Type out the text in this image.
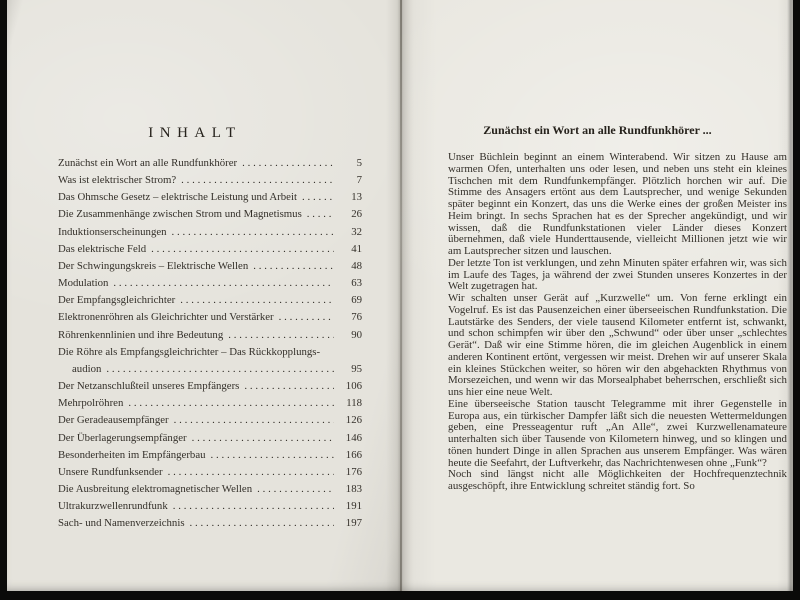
INHALT
Zunächst ein Wort an alle Rundfunkhörer .....	5
Was ist elektrischer Strom? .....	7
Das Ohmsche Gesetz – elektrische Leistung und Arbeit .....	13
Die Zusammenhänge zwischen Strom und Magnetismus .....	26
Induktionserscheinungen .....	32
Das elektrische Feld .....	41
Der Schwingungskreis – Elektrische Wellen .....	48
Modulation .....	63
Der Empfangsgleichrichter .....	69
Elektronenröhren als Gleichrichter und Verstärker .....	76
Röhrenkennlinien und ihre Bedeutung .....	90
Die Röhre als Empfangsgleichrichter – Das Rückkopplungs-
audion .....	95
Der Netzanschlußteil unseres Empfängers .....	106
Mehrpolröhren .....	118
Der Geradeausempfänger .....	126
Der Überlagerungsempfänger .....	146
Besonderheiten im Empfängerbau .....	166
Unsere Rundfunksender .....	176
Die Ausbreitung elektromagnetischer Wellen .....	183
Ultrakurzwellenrundfunk .....	191
Sach- und Namenverzeichnis .....	197
Zunächst ein Wort an alle Rundfunkhörer ...

Unser Büchlein beginnt an einem Winterabend. Wir sitzen zu Hause am warmen Ofen, unterhalten uns oder lesen, und neben uns steht ein kleines Tischchen mit dem Rundfunkempfänger. Plötzlich horchen wir auf. Die Stimme des Ansagers ertönt aus dem Lautsprecher, und wenige Sekunden später beginnt ein Konzert, das uns die Werke eines der großen Meister ins Heim bringt. In sechs Sprachen hat es der Sprecher angekündigt, und wir wissen, daß die Rundfunkstationen vieler Länder dieses Konzert übernehmen, daß viele Hunderttausende, vielleicht Millionen jetzt wie wir am Lautsprecher sitzen und lauschen.

Der letzte Ton ist verklungen, und zehn Minuten später erfahren wir, was sich im Laufe des Tages, ja während der zwei Stunden unseres Konzertes in der Welt zugetragen hat.

Wir schalten unser Gerät auf „Kurzwelle“ um. Von ferne erklingt ein Vogelruf. Es ist das Pausenzeichen einer überseeischen Rundfunkstation. Die Lautstärke des Senders, der viele tausend Kilometer entfernt ist, schwankt, und schon schimpfen wir über den „Schwund“ oder über unser „schlechtes Gerät“. Daß wir eine Stimme hören, die im gleichen Augenblick in einem anderen Kontinent ertönt, vergessen wir meist. Drehen wir auf unserer Skala ein kleines Stückchen weiter, so hören wir den abgehackten Rhythmus von Morsezeichen, und wenn wir das Morsealphabet beherrschen, erschließt sich uns hier eine neue Welt.

Eine überseeische Station tauscht Telegramme mit ihrer Gegenstelle in Europa aus, ein türkischer Dampfer läßt sich die neuesten Wettermeldungen geben, eine Presseagentur ruft „An Alle“, zwei Kurzwellenamateure unterhalten sich über Tausende von Kilometern hinweg, und so klingen und tönen hundert Dinge in allen Sprachen aus unserem Empfänger. Was wären heute die Seefahrt, der Luftverkehr, das Nachrichtenwesen ohne „Funk“?

Noch sind längst nicht alle Möglichkeiten der Hochfrequenztechnik ausgeschöpft, ihre Entwicklung schreitet ständig fort. So
